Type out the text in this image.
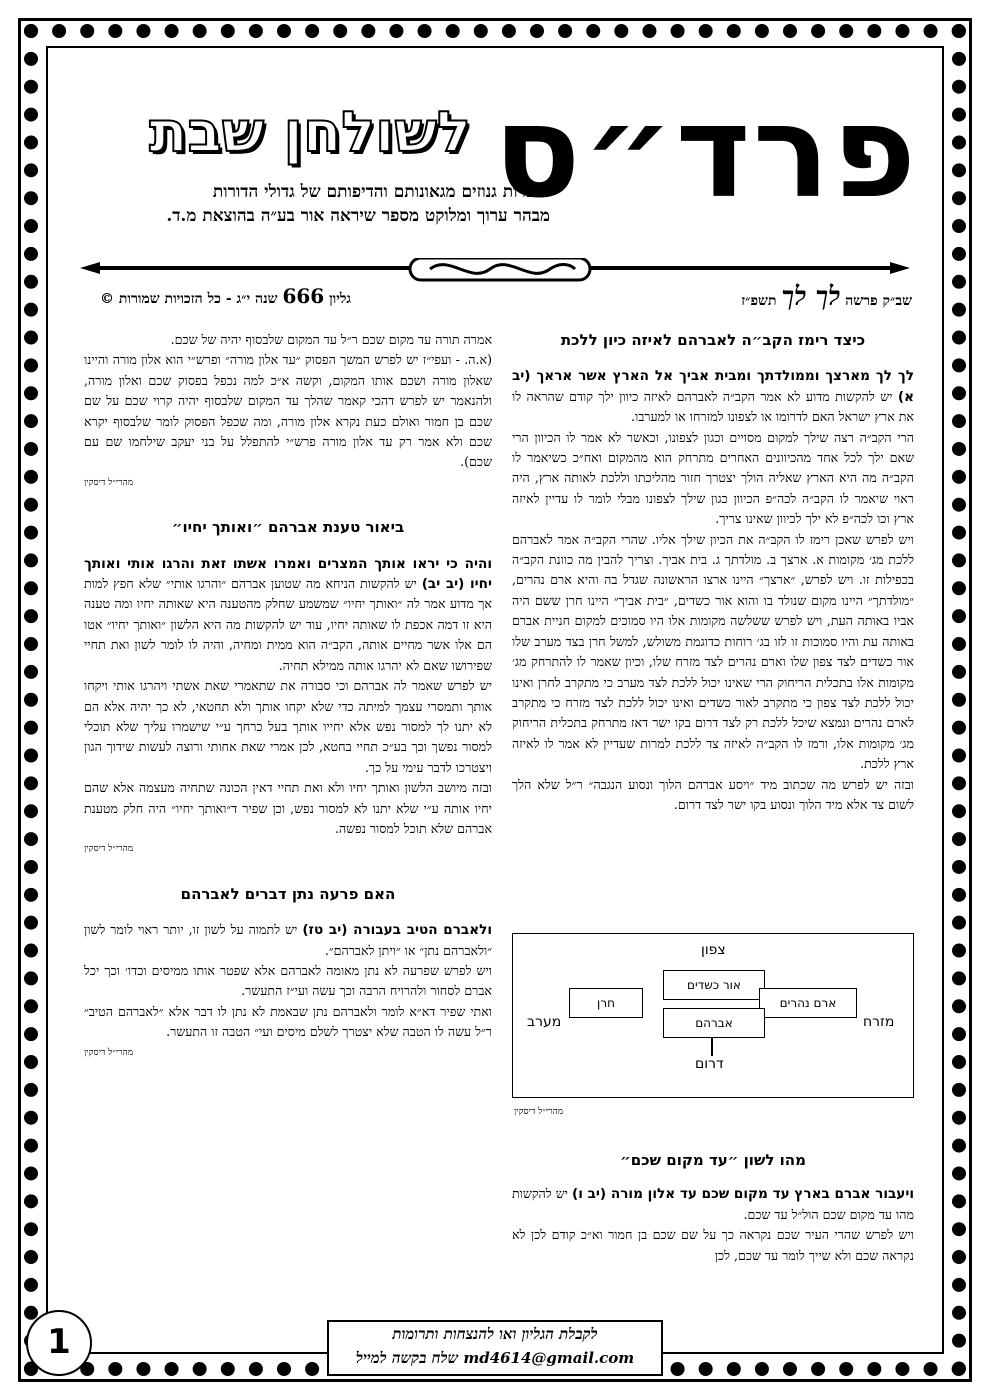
פרד״ס
לשולחן שבת
אוצרות גנוזים מגאונותם והדיפותם של גדולי הדורות
מבהר ערוך ומלוקט מספר שיראה אור בע״ה בהוצאת מ.ד.
שב״ק פרשה לך לך תשפ״ז
גליון 666 שנה י״ג - כל הזכויות שמורות ©

כיצד רימז הקב״ה לאברהם לאיזה כיון ללכת

לך לך מארצך וממולדתך ומבית אביך אל הארץ אשר אראך (יב א) יש להקשות מדוע לא אמר הקב״ה לאברהם לאיזה כיוון ילך קודם שהראה לו את ארץ ישראל האם לדרומו או לצפונו למזרחו או למערבו.

הרי הקב״ה רצה שילך למקום מסויים וכגון לצפונו, וכאשר לא אמר לו הכיוון הרי שאם ילך לכל אחד מהכיוונים האחרים מתרחק הוא מהמקום ואח״כ כשיאמר לו הקב״ה מה היא הארץ שאליה הולך יצטרך חזור מהליכתו וללכת לאותה ארץ, היה ראוי שיאמר לו הקב״ה לכה״פ הכיוון כגון שילך לצפונו מבלי לומר לו עדיין לאיזה ארץ וכו לכה״פ לא ילך לכיוון שאינו צריך.

ויש לפרש שאכן רימז לו הקב״ה את הכיון שילך אליו. שהרי הקב״ה אמר לאברהם ללכת מג׳ מקומות א. ארצך ב. מולדתך ג. בית אביך. וצריך להבין מה כוונת הקב״ה בכפילות זו. ויש לפרש, ״ארצך״ היינו ארצו הראשונה שגדל בה והיא ארם נהרים, ״מולדתך״ היינו מקום שנולד בו והוא אור כשדים, ״בית אביך״ היינו חרן ששם היה אביו באותה העת, ויש לפרש ששלשה מקומות אלו היו סמוכים למקום חניית אברם באותה עת והיו סמוכות זו לזו בג׳ רוחות כדוגמת משולש, למשל חרן בצד מערב שלו אור כשדים לצד צפון שלו וארם נהרים לצד מזרח שלו, וכיון שאמר לו להתרחק מג׳ מקומות אלו בתכלית הריחוק הרי שאינו יכול ללכת לצד מערב כי מתקרב לחרן ואינו יכול ללכת לצד צפון כי מתקרב לאור כשדים ואינו יכול ללכת לצד מזרח כי מתקרב לארם נהרים ונמצא שיכל ללכת רק לצד דרום בקו ישר דאז מתרחק בתכלית הריחוק מג׳ מקומות אלו, ורמז לו הקב״ה לאיזה צד ללכת למרות שעדיין לא אמר לו לאיזה ארץ ללכת.

ובזה יש לפרש מה שכתוב מיד ״ויסע אברהם הלוך ונסוע הנגבה״ ר״ל שלא הלך לשום צד אלא מיד הלוך ונסוע בקו ישר לצד דרום.

צפון
דרום
מזרח
מערב
אור כשדים
חרן	ארם נהרים
אברהם
מהרי״ל דיסקין

מהו לשון ״עד מקום שכם״

ויעבור אברם בארץ עד מקום שכם עד אלון מורה (יב ו) יש להקשות מהו עד מקום שכם הול״ל עד שכם.

ויש לפרש שהרי העיר שכם נקראה כך על שם שכם בן חמור וא״כ קודם לכן לא נקראה שכם ולא שייך לומר עד שכם, לכן

אמרה תורה עד מקום שכם ר״ל עד המקום שלבסוף יהיה של שכם.

(א.ה. - ועפי״ז יש לפרש המשך הפסוק ״עד אלון מורה״ ופרש״י הוא אלון מורה והיינו שאלון מורה ושכם אותו המקום, וקשה א״כ למה נכפל בפסוק שכם ואלון מורה, ולהנאמר יש לפרש דהכי קאמר שהלך עד המקום שלבסוף יהיה קרוי שכם על שם שכם בן חמור ואולם כעת נקרא אלון מורה, ומה שכפל הפסוק לומר שלבסוף יקרא שכם ולא אמר רק עד אלון מורה פרש״י להתפלל על בני יעקב שילחמו שם עם שכם).

מהרי״ל דיסקין

ביאור טענת אברהם ״ואותך יחיו״

והיה כי יראו אותך המצרים ואמרו אשתו זאת והרגו אותי ואותך יחיו (יב יב) יש להקשות הניחא מה שטוען אברהם ״והרגו אותי״ שלא חפץ למות אך מדוע אמר לה ״ואותך יחיו״ שמשמע שחלק מהטענה היא שאותה יחיו ומה טענה היא זו דמה אכפת לו שאותה יחיו, עוד יש להקשות מה היא הלשון ״ואותך יחיו״ אטו הם אלו אשר מחיים אותה, הקב״ה הוא ממית ומחיה, והיה לו לומר לשון ואת תחיי שפירושו שאם לא יהרגו אותה ממילא תחיה.

יש לפרש שאמר לה אברהם וכי סבורה את שתאמרי שאת אשתי ויהרגו אותי ויקחו אותך ותמסרי עצמך למיתה כדי שלא יקחו אותך ולא תחטאי, לא כך יהיה אלא הם לא יתנו לך למסור נפש אלא יחייו אותך בעל כרחך ע״י שישמרו עליך שלא תוכלי למסור נפשך וכך בע״כ תחיי בחטא, לכן אמרי שאת אחותי ורוצה לעשות שידוך הגון ויצטרכו לדבר עימי על כך.

ובזה מיושב הלשון ואותך יחיו ולא ואת תחיי דאין הכונה שתחיה מעצמה אלא שהם יחיו אותה ע״י שלא יתנו לא למסור נפש, וכן שפיר ד״ואותך יחיו״ היה חלק מטענת אברהם שלא תוכל למסור נפשה.

מהרי״ל דיסקין

האם פרעה נתן דברים לאברהם

ולאברם הטיב בעבורה (יב טז) יש לתמוה על לשון זו, יותר ראוי לומר לשון ״ולאברהם נתן״ או ״ויתן לאברהם״.

ויש לפרש שפרעה לא נתן מאומה לאברהם אלא שפטר אותו ממיסים וכדו׳ וכך יכל אברם לסחור ולהרויח הרבה וכך עשה ועי״ז התעשר.

ואתי שפיר דא״א לומר ולאברהם נתן שבאמת לא נתן לו דבר אלא ״לאברהם הטיב״ ר״ל עשה לו הטבה שלא יצטרך לשלם מיסים ועי״ הטבה זו התעשר.

מהרי״ל דיסקין

1	לקבלת הגליון ואו להנצחות ותרומות
שלח בקשה למייל md4614@gmail.com
